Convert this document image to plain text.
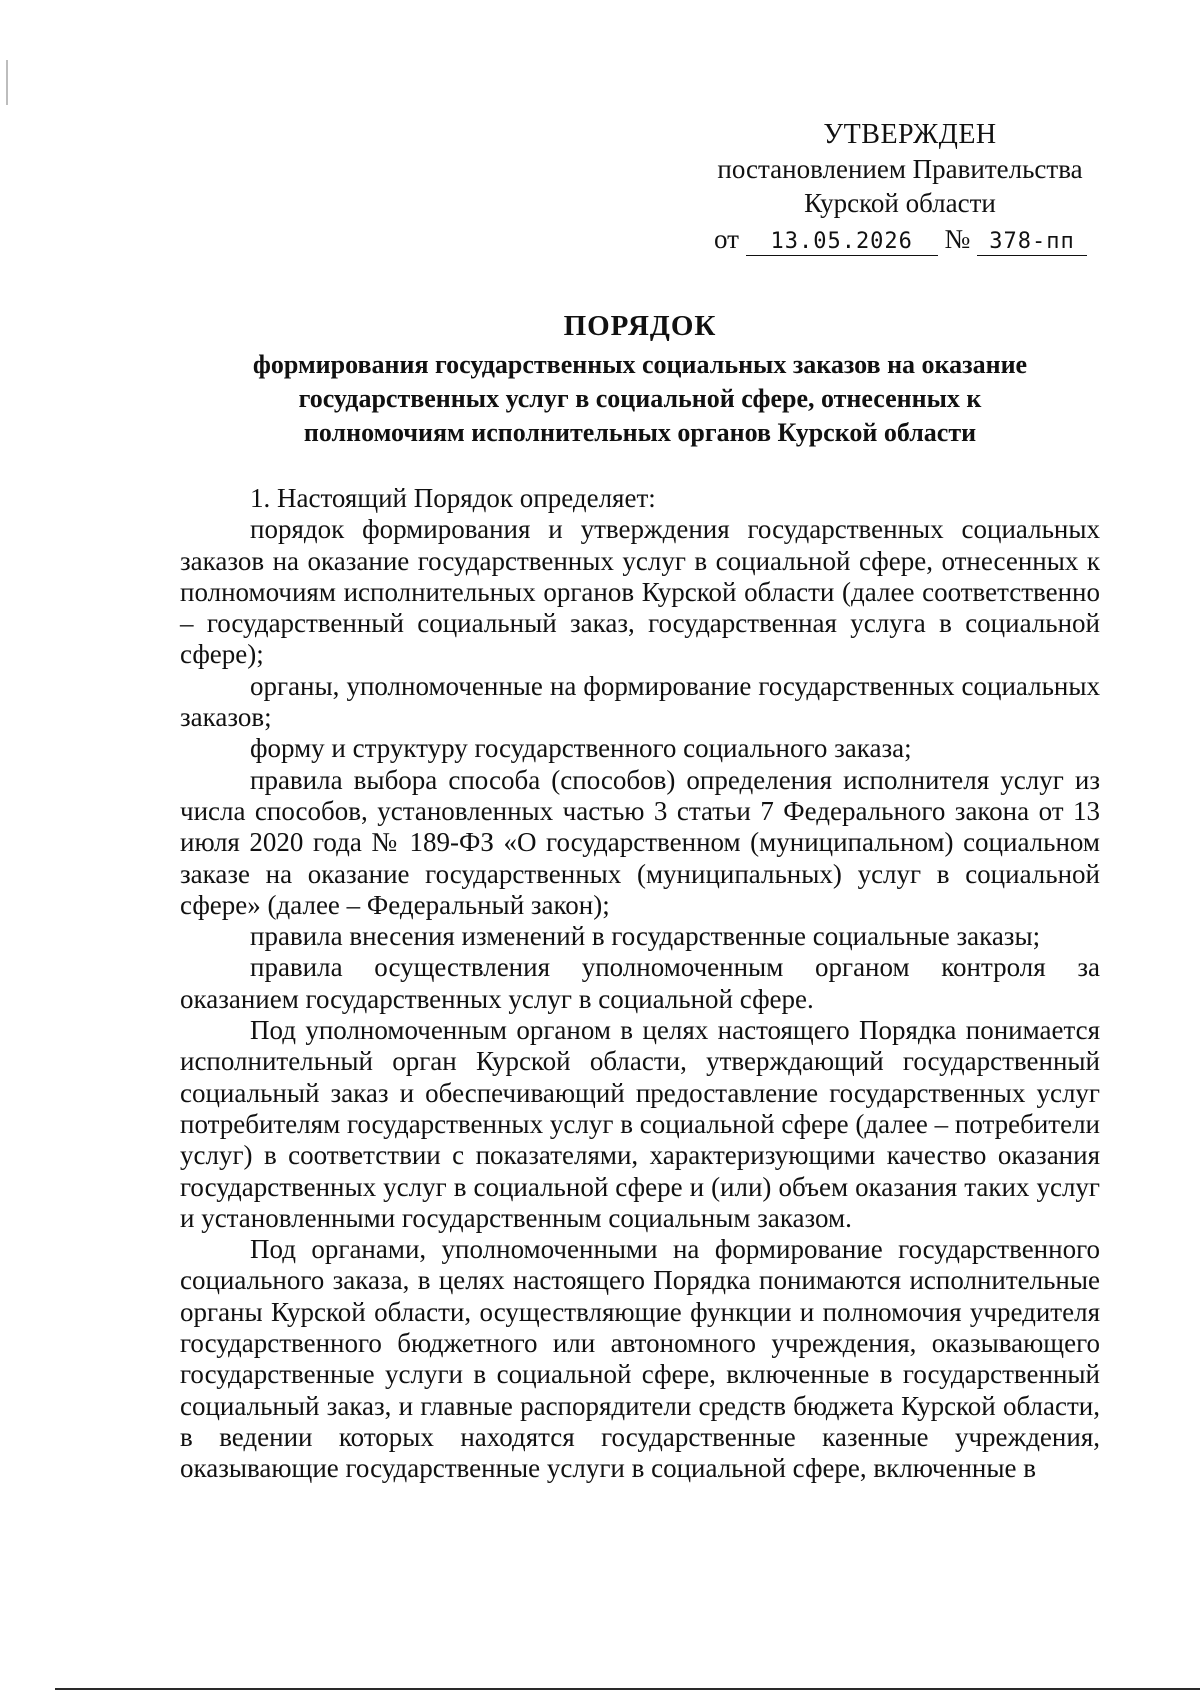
УТВЕРЖДЕН
постановлением Правительства
Курской области
от 13.05.2026 № 378-пп
ПОРЯДОК
формирования государственных социальных заказов на оказание
государственных услуг в социальной сфере, отнесенных к
полномочиям исполнительных органов Курской области

1. Настоящий Порядок определяет:

порядок формирования и утверждения государственных социальных заказов на оказание государственных услуг в социальной сфере, отнесенных к полномочиям исполнительных органов Курской области (далее соответственно – государственный социальный заказ, государственная услуга в социальной сфере);

органы, уполномоченные на формирование государственных социальных заказов;

форму и структуру государственного социального заказа;

правила выбора способа (способов) определения исполнителя услуг из числа способов, установленных частью 3 статьи 7 Федерального закона от 13 июля 2020 года № 189-ФЗ «О государственном (муниципальном) социальном заказе на оказание государственных (муниципальных) услуг в социальной сфере» (далее – Федеральный закон);

правила внесения изменений в государственные социальные заказы;

правила осуществления уполномоченным органом контроля за оказанием государственных услуг в социальной сфере.

Под уполномоченным органом в целях настоящего Порядка понимается исполнительный орган Курской области, утверждающий государственный социальный заказ и обеспечивающий предоставление государственных услуг потребителям государственных услуг в социальной сфере (далее – потребители услуг) в соответствии с показателями, характеризующими качество оказания государственных услуг в социальной сфере и (или) объем оказания таких услуг и установленными государственным социальным заказом.

Под органами, уполномоченными на формирование государственного социального заказа, в целях настоящего Порядка понимаются исполнительные органы Курской области, осуществляющие функции и полномочия учредителя государственного бюджетного или автономного учреждения, оказывающего государственные услуги в социальной сфере, включенные в государственный социальный заказ, и главные распорядители средств бюджета Курской области, в ведении которых находятся государственные казенные учреждения, оказывающие государственные услуги в социальной сфере, включенные в
